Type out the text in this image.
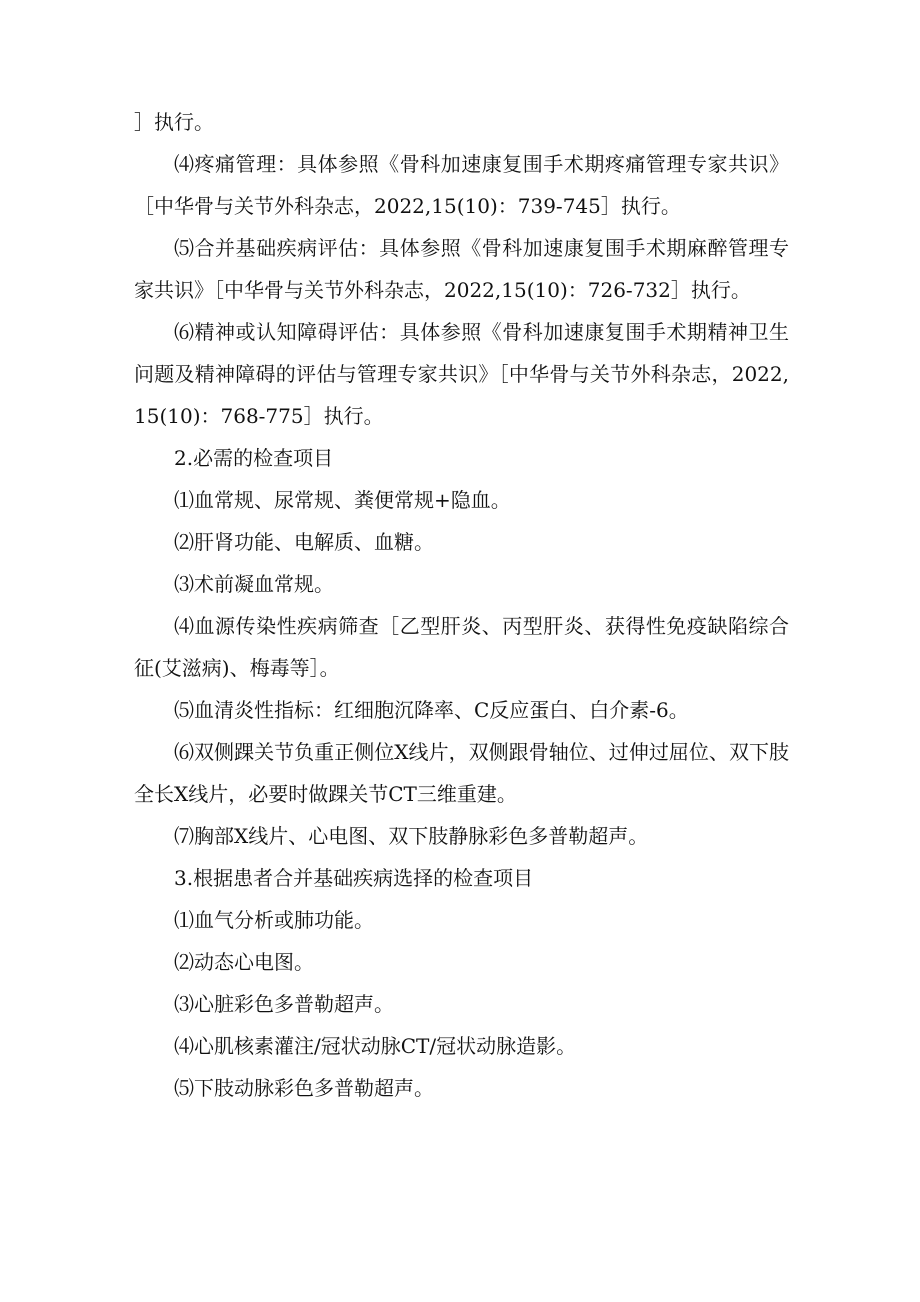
］执行。

⑷疼痛管理：具体参照《骨科加速康复围手术期疼痛管理专家共识》［中华骨与关节外科杂志，2022,15(10)：739-745］执行。

⑸合并基础疾病评估：具体参照《骨科加速康复围手术期麻醉管理专家共识》［中华骨与关节外科杂志，2022,15(10)：726-732］执行。

⑹精神或认知障碍评估：具体参照《骨科加速康复围手术期精神卫生问题及精神障碍的评估与管理专家共识》［中华骨与关节外科杂志，2022,15(10)：768-775］执行。

2.必需的检查项目

⑴血常规、尿常规、粪便常规+隐血。

⑵肝肾功能、电解质、血糖。

⑶术前凝血常规。

⑷血源传染性疾病筛查［乙型肝炎、丙型肝炎、获得性免疫缺陷综合征(艾滋病)、梅毒等］。

⑸血清炎性指标：红细胞沉降率、C反应蛋白、白介素-6。

⑹双侧踝关节负重正侧位X线片，双侧跟骨轴位、过伸过屈位、双下肢全长X线片，必要时做踝关节CT三维重建。

⑺胸部X线片、心电图、双下肢静脉彩色多普勒超声。

3.根据患者合并基础疾病选择的检查项目

⑴血气分析或肺功能。

⑵动态心电图。

⑶心脏彩色多普勒超声。

⑷心肌核素灌注/冠状动脉CT/冠状动脉造影。

⑸下肢动脉彩色多普勒超声。
